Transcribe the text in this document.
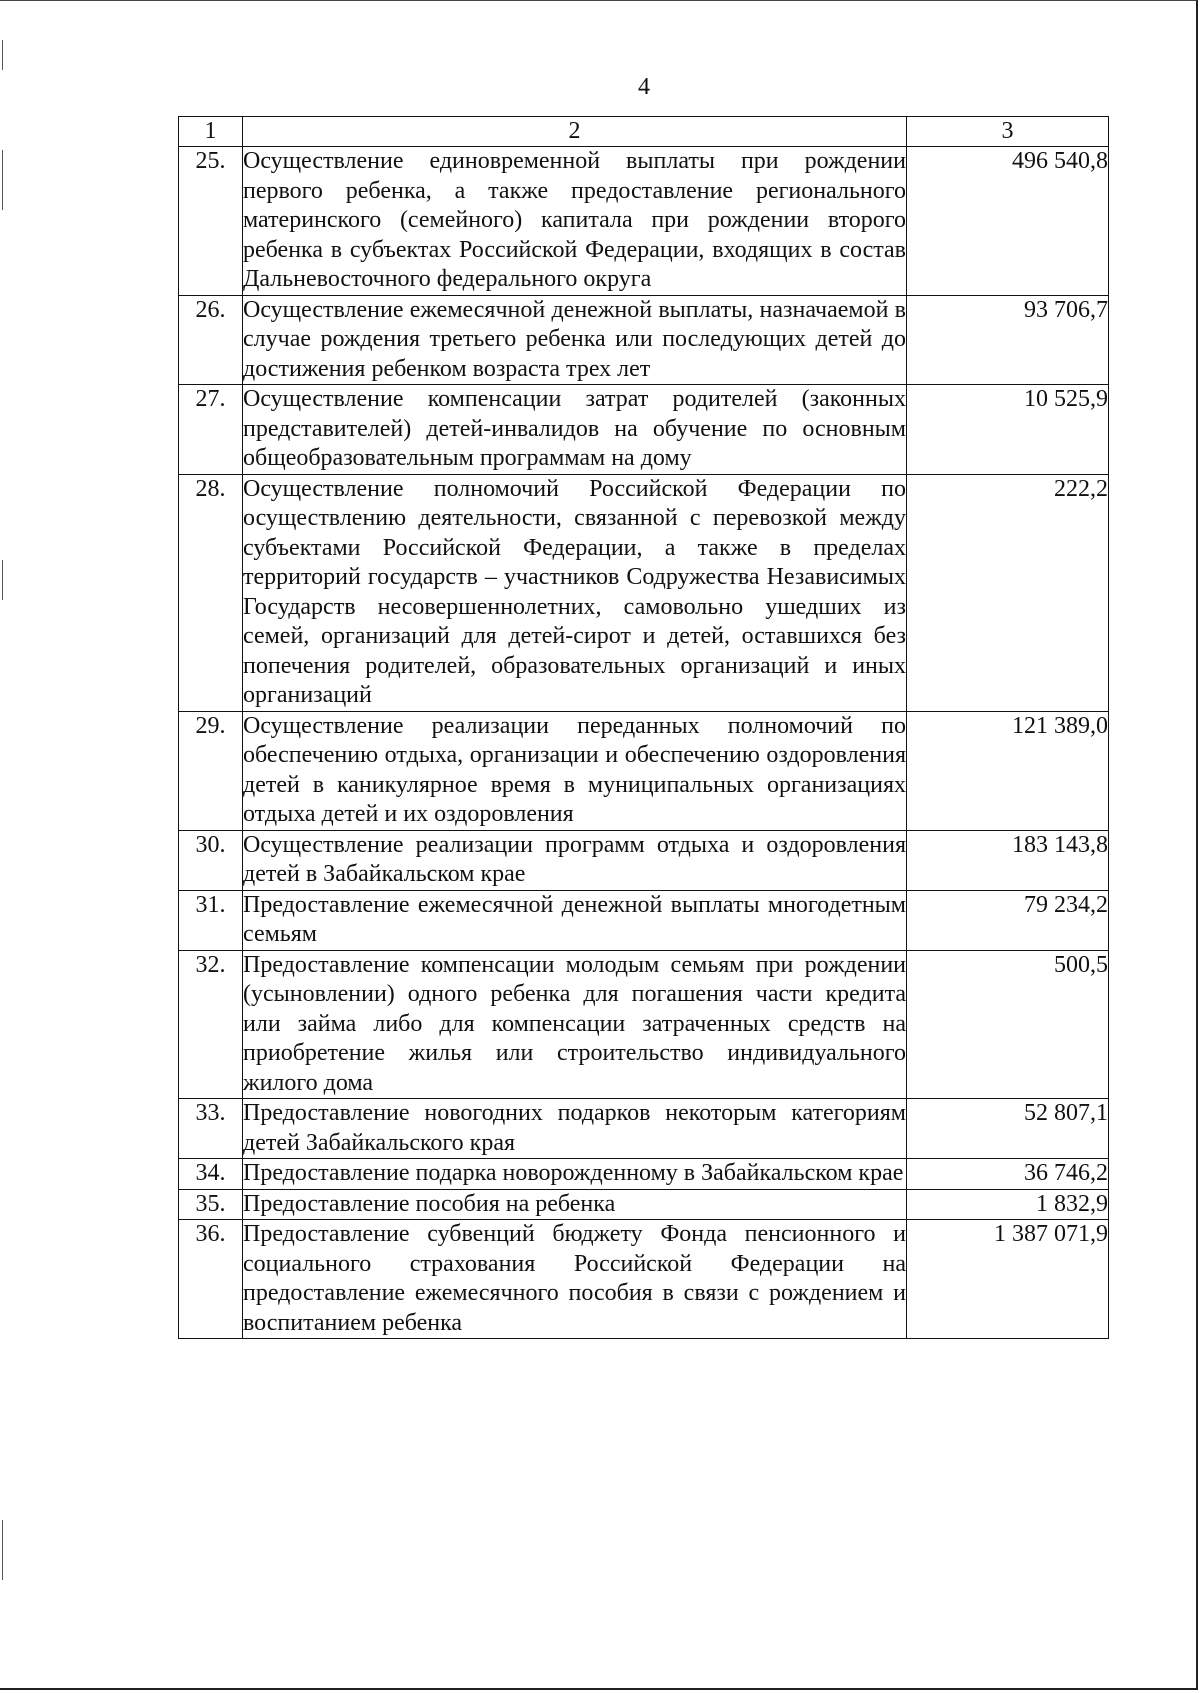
4
1	2	3
25.	Осуществление единовременной выплаты при рождении первого ребенка, а также предоставление регионального материнского (семейного) капитала при рождении второго ребенка в субъектах Российской Федерации, входящих в состав Дальневосточного федерального округа	496 540,8
26.	Осуществление ежемесячной денежной выплаты, назначаемой в случае рождения третьего ребенка или последующих детей до достижения ребенком возраста трех лет	93 706,7
27.	Осуществление компенсации затрат родителей (законных представителей) детей-инвалидов на обучение по основным общеобразовательным программам на дому	10 525,9
28.	Осуществление полномочий Российской Федерации по осуществлению деятельности, связанной с перевозкой между субъектами Российской Федерации, а также в пределах территорий государств – участников Содружества Независимых Государств несовершеннолетних, самовольно ушедших из семей, организаций для детей-сирот и детей, оставшихся без попечения родителей, образовательных организаций и иных организаций	222,2
29.	Осуществление реализации переданных полномочий по обеспечению отдыха, организации и обеспечению оздоровления детей в каникулярное время в муниципальных организациях отдыха детей и их оздоровления	121 389,0
30.	Осуществление реализации программ отдыха и оздоровления детей в Забайкальском крае	183 143,8
31.	Предоставление ежемесячной денежной выплаты многодетным семьям	79 234,2
32.	Предоставление компенсации молодым семьям при рождении (усыновлении) одного ребенка для погашения части кредита или займа либо для компенсации затраченных средств на приобретение жилья или строительство индивидуального жилого дома	500,5
33.	Предоставление новогодних подарков некоторым категориям детей Забайкальского края	52 807,1
34.	Предоставление подарка новорожденному в Забайкальском крае	36 746,2
35.	Предоставление пособия на ребенка	1 832,9
36.	Предоставление субвенций бюджету Фонда пенсионного и социального страхования Российской Федерации на предоставление ежемесячного пособия в связи с рождением и воспитанием ребенка	1 387 071,9
